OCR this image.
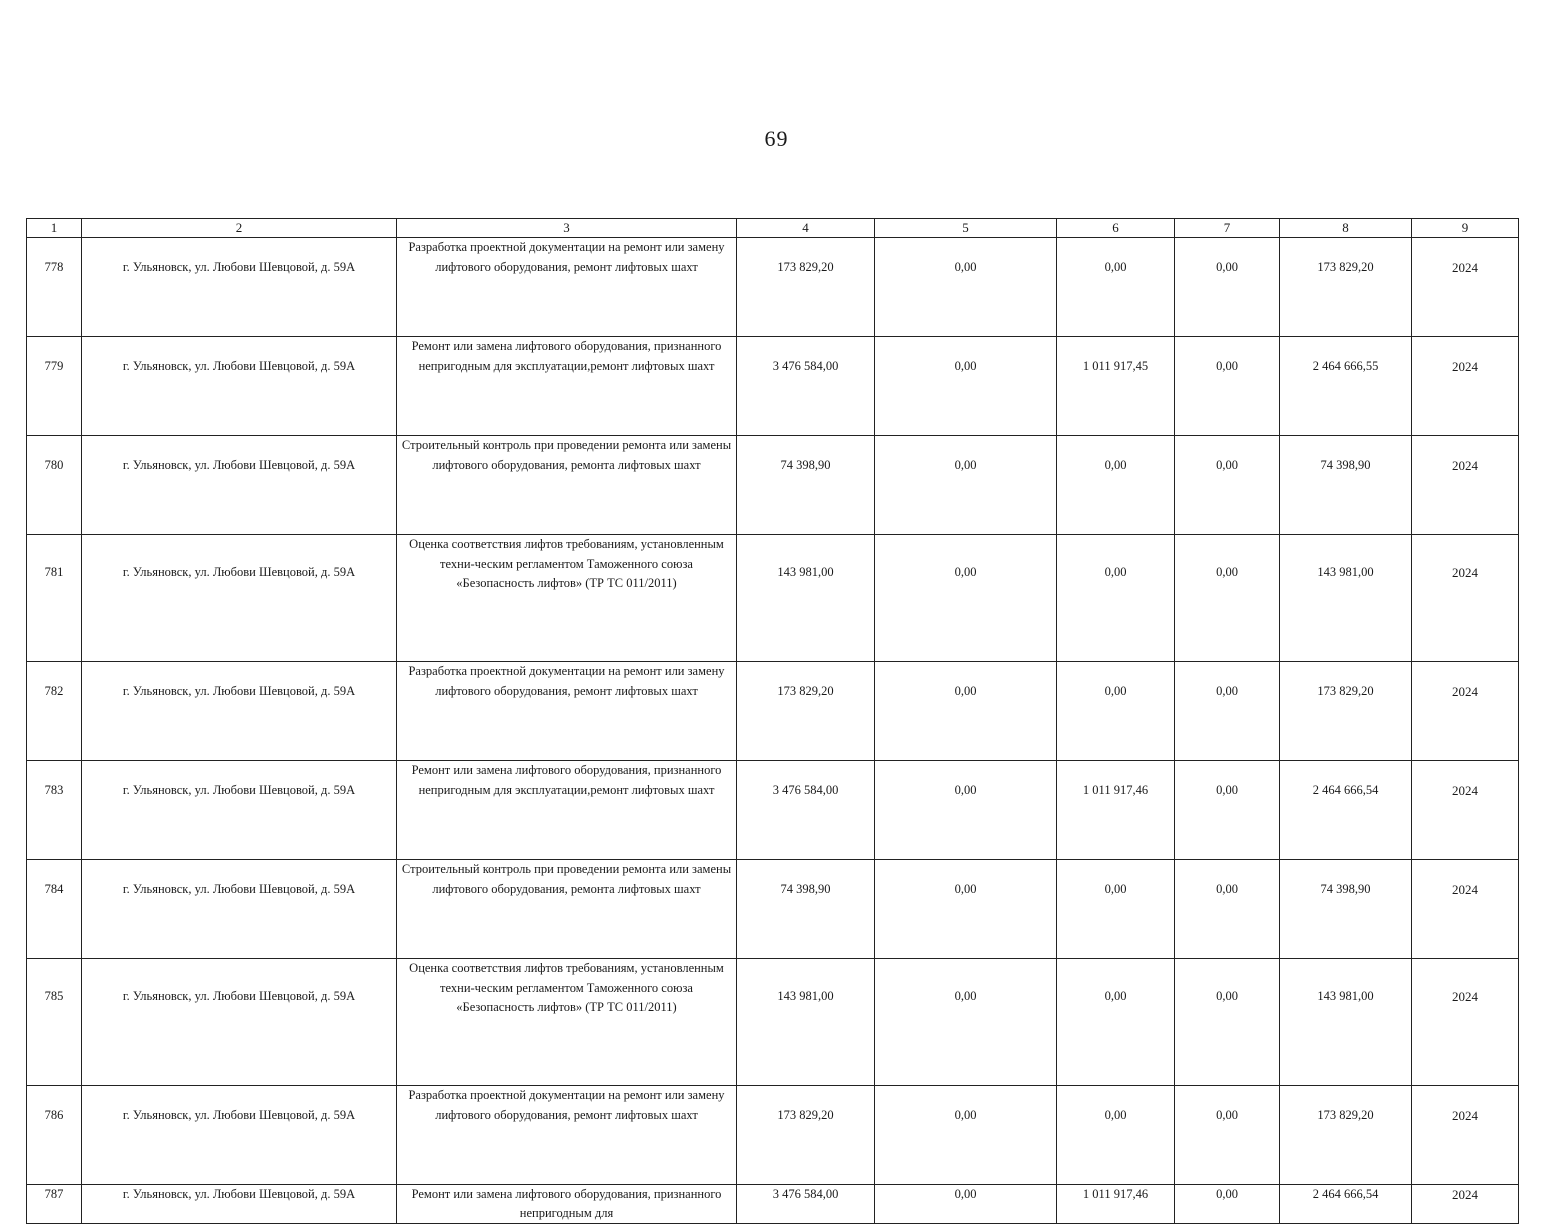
69
1	2	3	4	5	6	7	8	9
778	г. Ульяновск, ул. Любови Шевцовой, д. 59А	Разработка проектной документации на ремонт или замену лифтового оборудования, ремонт лифтовых шахт	173 829,20	0,00	0,00	0,00	173 829,20	2024
779	г. Ульяновск, ул. Любови Шевцовой, д. 59А	Ремонт или замена лифтового оборудования, признанного непригодным для эксплуатации,ремонт лифтовых шахт	3 476 584,00	0,00	1 011 917,45	0,00	2 464 666,55	2024
780	г. Ульяновск, ул. Любови Шевцовой, д. 59А	Строительный контроль при проведении ремонта или замены лифтового оборудования, ремонта лифтовых шахт	74 398,90	0,00	0,00	0,00	74 398,90	2024
781	г. Ульяновск, ул. Любови Шевцовой, д. 59А	Оценка соответствия лифтов требованиям, установленным техни-ческим регламентом Таможенного союза «Безопасность лифтов» (ТР ТС 011/2011)	143 981,00	0,00	0,00	0,00	143 981,00	2024
782	г. Ульяновск, ул. Любови Шевцовой, д. 59А	Разработка проектной документации на ремонт или замену лифтового оборудования, ремонт лифтовых шахт	173 829,20	0,00	0,00	0,00	173 829,20	2024
783	г. Ульяновск, ул. Любови Шевцовой, д. 59А	Ремонт или замена лифтового оборудования, признанного непригодным для эксплуатации,ремонт лифтовых шахт	3 476 584,00	0,00	1 011 917,46	0,00	2 464 666,54	2024
784	г. Ульяновск, ул. Любови Шевцовой, д. 59А	Строительный контроль при проведении ремонта или замены лифтового оборудования, ремонта лифтовых шахт	74 398,90	0,00	0,00	0,00	74 398,90	2024
785	г. Ульяновск, ул. Любови Шевцовой, д. 59А	Оценка соответствия лифтов требованиям, установленным техни-ческим регламентом Таможенного союза «Безопасность лифтов» (ТР ТС 011/2011)	143 981,00	0,00	0,00	0,00	143 981,00	2024
786	г. Ульяновск, ул. Любови Шевцовой, д. 59А	Разработка проектной документации на ремонт или замену лифтового оборудования, ремонт лифтовых шахт	173 829,20	0,00	0,00	0,00	173 829,20	2024
787	г. Ульяновск, ул. Любови Шевцовой, д. 59А	Ремонт или замена лифтового оборудования, признанного непригодным для	3 476 584,00	0,00	1 011 917,46	0,00	2 464 666,54	2024
